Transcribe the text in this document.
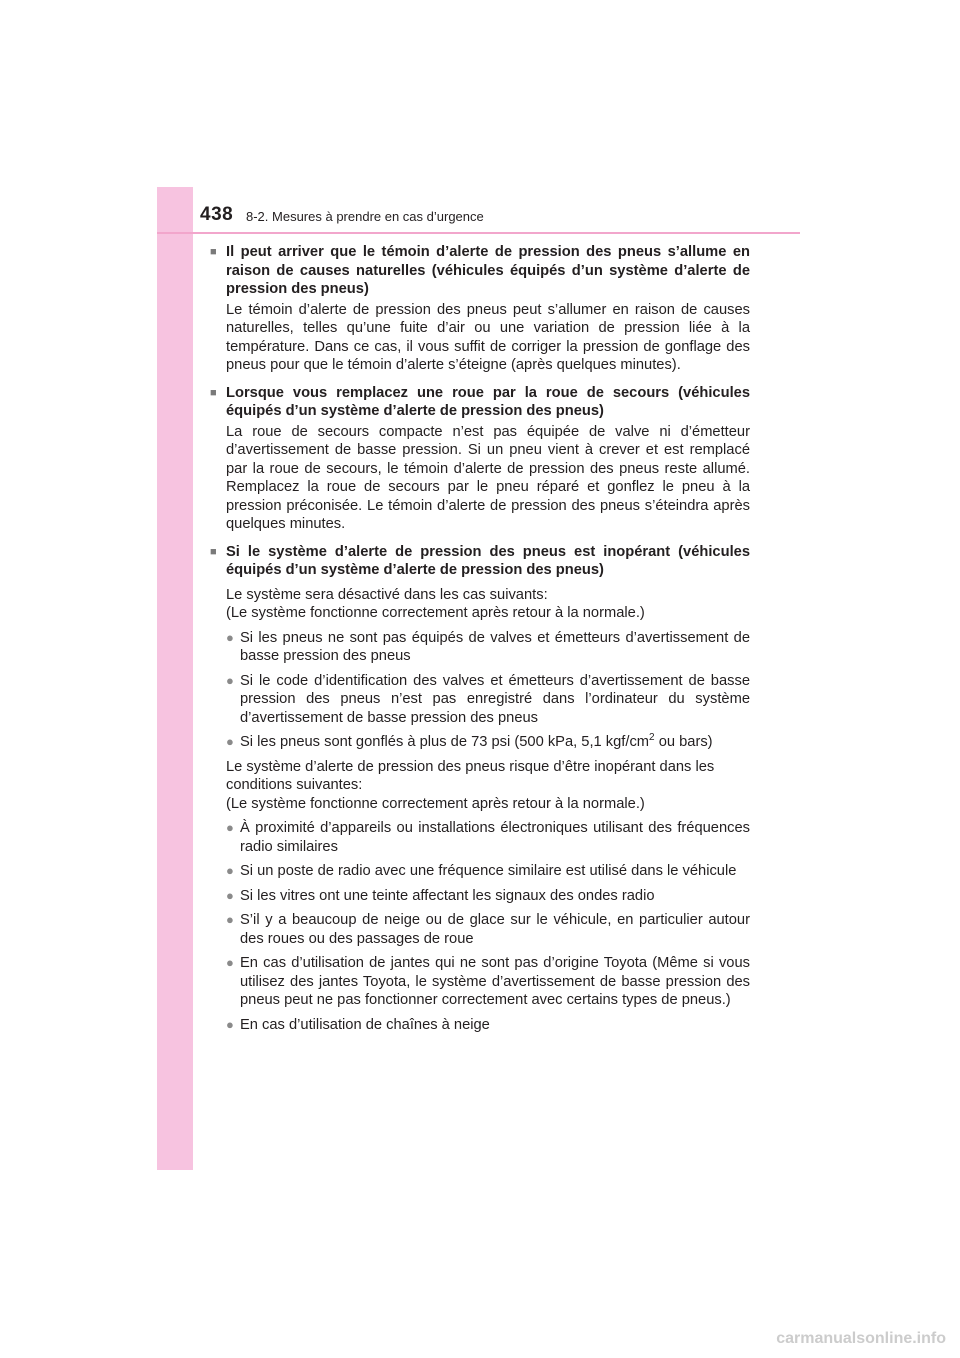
438 8-2. Mesures à prendre en cas d’urgence
■ Il peut arriver que le témoin d’alerte de pression des pneus s’allume en raison de causes naturelles (véhicules équipés d’un système d’alerte de pression des pneus)
Le témoin d’alerte de pression des pneus peut s’allumer en raison de causes naturelles, telles qu’une fuite d’air ou une variation de pression liée à la température. Dans ce cas, il vous suffit de corriger la pression de gonflage des pneus pour que le témoin d’alerte s’éteigne (après quelques minutes).
■ Lorsque vous remplacez une roue par la roue de secours (véhicules équipés d’un système d’alerte de pression des pneus)
La roue de secours compacte n’est pas équipée de valve ni d’émetteur d’avertissement de basse pression. Si un pneu vient à crever et est remplacé par la roue de secours, le témoin d’alerte de pression des pneus reste allumé. Remplacez la roue de secours par le pneu réparé et gonflez le pneu à la pression préconisée. Le témoin d’alerte de pression des pneus s’éteindra après quelques minutes.
■ Si le système d’alerte de pression des pneus est inopérant (véhicules équipés d’un système d’alerte de pression des pneus)
Le système sera désactivé dans les cas suivants:
(Le système fonctionne correctement après retour à la normale.)
● Si les pneus ne sont pas équipés de valves et émetteurs d’avertissement de basse pression des pneus
● Si le code d’identification des valves et émetteurs d’avertissement de basse pression des pneus n’est pas enregistré dans l’ordinateur du système d’avertissement de basse pression des pneus
● Si les pneus sont gonflés à plus de 73 psi (500 kPa, 5,1 kgf/$cm^2$ ou bars)
Le système d’alerte de pression des pneus risque d’être inopérant dans les conditions suivantes:
(Le système fonctionne correctement après retour à la normale.)
● À proximité d’appareils ou installations électroniques utilisant des fréquences radio similaires
● Si un poste de radio avec une fréquence similaire est utilisé dans le véhicule
● Si les vitres ont une teinte affectant les signaux des ondes radio
● S’il y a beaucoup de neige ou de glace sur le véhicule, en particulier autour des roues ou des passages de roue
● En cas d’utilisation de jantes qui ne sont pas d’origine Toyota (Même si vous utilisez des jantes Toyota, le système d’avertissement de basse pression des pneus peut ne pas fonctionner correctement avec certains types de pneus.)
● En cas d’utilisation de chaînes à neige
carmanualsonline.info
